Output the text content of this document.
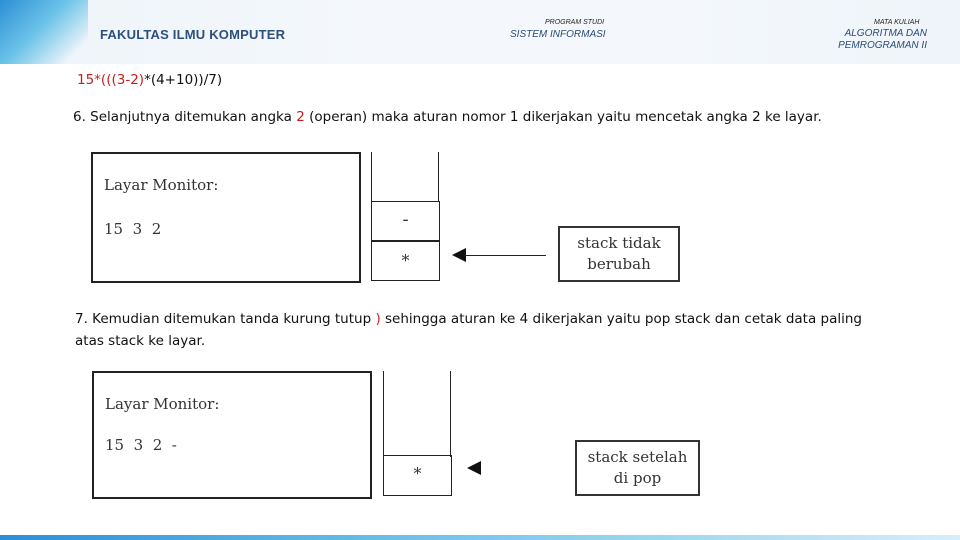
FAKULTAS ILMU KOMPUTER
PROGRAM STUDI
SISTEM INFORMASI
MATA KULIAH
ALGORITMA DAN
PEMROGRAMAN II
15*(((3-2)*(4+10))/7)
6. Selanjutnya ditemukan angka 2 (operan) maka aturan nomor 1 dikerjakan yaitu mencetak angka 2 ke layar.
Layar Monitor:
15  3  2	-
*
stack tidak
berubah
7. Kemudian ditemukan tanda kurung tutup ) sehingga aturan ke 4 dikerjakan yaitu pop stack dan cetak data paling atas stack ke layar.
Layar Monitor:
15  3  2  -
*
stack setelah
di pop
